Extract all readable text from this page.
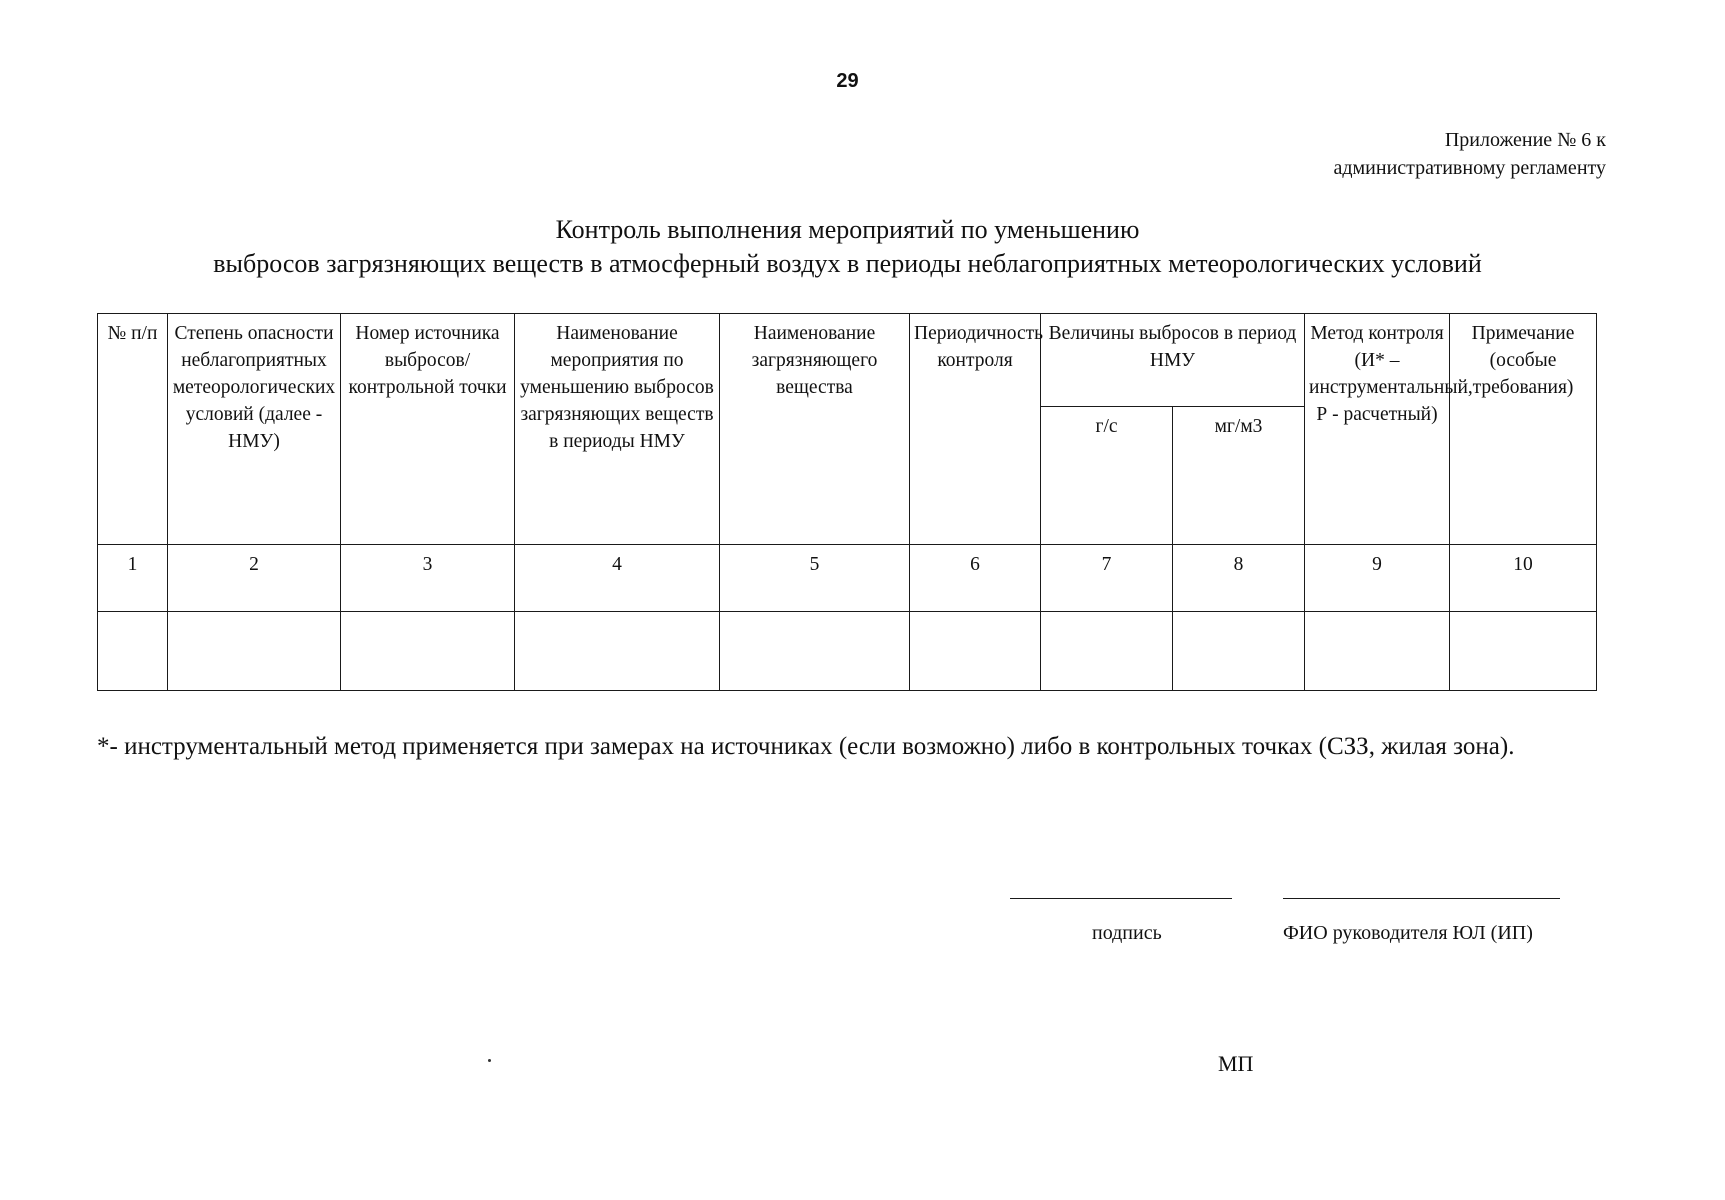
29
Приложение № 6 к
административному регламенту
Контроль выполнения мероприятий по уменьшению
выбросов загрязняющих веществ в атмосферный воздух в периоды неблагоприятных метеорологических условий
№ п/п	Степень опасности неблагоприятных метеорологических условий (далее - НМУ)	Номер источника выбросов/ контрольной точки	Наименование мероприятия по уменьшению выбросов загрязняющих веществ в периоды НМУ	Наименование загрязняющего вещества	Периодичность контроля	Величины выбросов в период НМУ		Метод контроля (И* – инструментальный, Р - расчетный)	Примечание (особые требования)
						г/с	мг/м3		
1	2	3	4	5	6	7	8	9	10

*- инструментальный метод применяется при замерах на источниках (если возможно) либо в контрольных точках (СЗЗ, жилая зона).
подпись	ФИО руководителя ЮЛ (ИП)
МП
